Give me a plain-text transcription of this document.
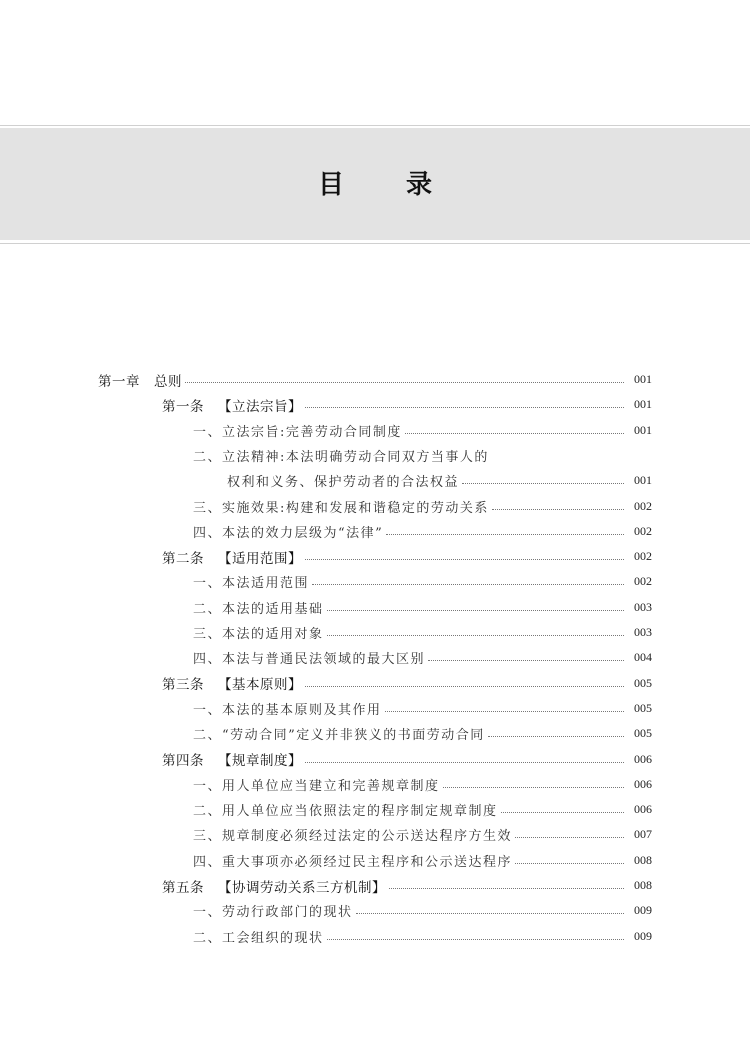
目 录
第一章 总则	001
第一条 【立法宗旨】	001
一、立法宗旨:完善劳动合同制度	001
二、立法精神:本法明确劳动合同双方当事人的
权利和义务、保护劳动者的合法权益	001
三、实施效果:构建和发展和谐稳定的劳动关系	002
四、本法的效力层级为“法律”	002
第二条 【适用范围】	002
一、本法适用范围	002
二、本法的适用基础	003
三、本法的适用对象	003
四、本法与普通民法领域的最大区别	004
第三条 【基本原则】	005
一、本法的基本原则及其作用	005
二、“劳动合同”定义并非狭义的书面劳动合同	005
第四条 【规章制度】	006
一、用人单位应当建立和完善规章制度	006
二、用人单位应当依照法定的程序制定规章制度	006
三、规章制度必须经过法定的公示送达程序方生效	007
四、重大事项亦必须经过民主程序和公示送达程序	008
第五条 【协调劳动关系三方机制】	008
一、劳动行政部门的现状	009
二、工会组织的现状	009
